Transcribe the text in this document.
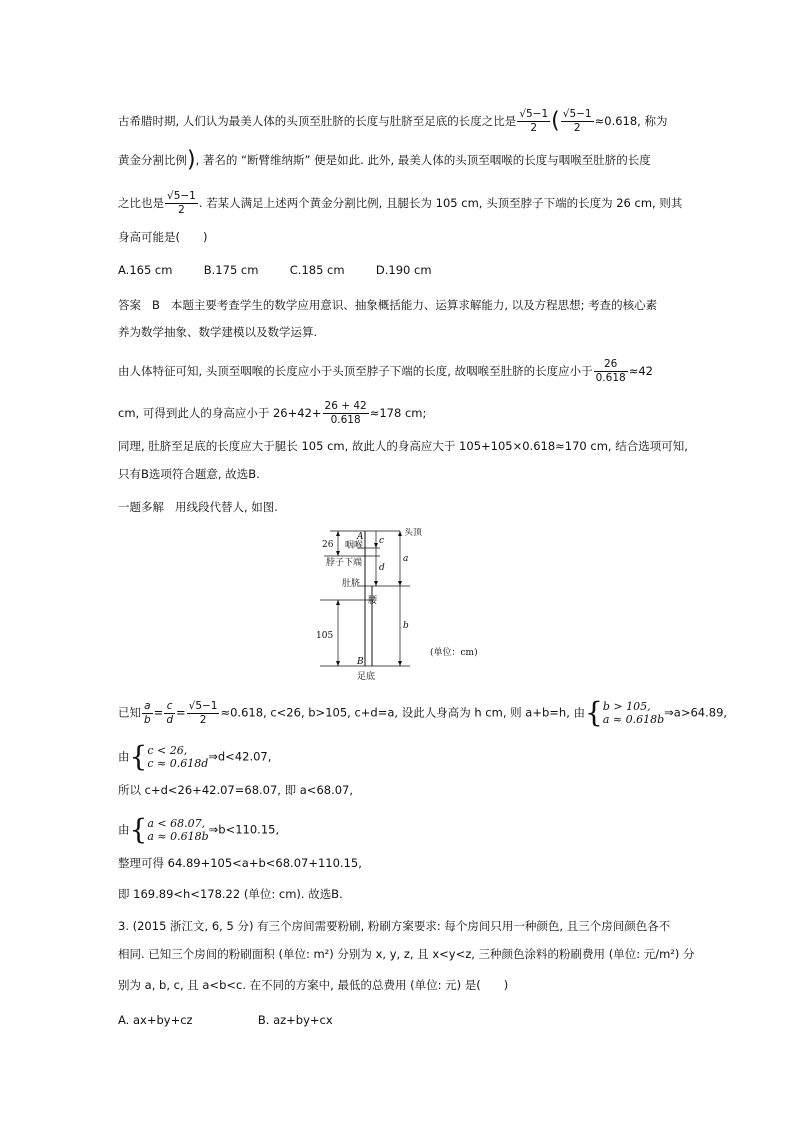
古希腊时期, 人们认为最美人体的头顶至肚脐的长度与肚脐至足底的长度之比是 $\frac{√5-1}{2}$ ( $\frac{√5-1}{2} \approx 0.618$, 称为
黄金分割比例), 著名的 “断臂维纳斯” 便是如此. 此外, 最美人体的头顶至咽喉的长度与咽喉至肚脐的长度
之比也是 $\frac{√5-1}{2}$ . 若某人满足上述两个黄金分割比例, 且腿长为 105 cm, 头顶至脖子下端的长度为 26 cm, 则其
身高可能是(　　)
A.165 cm	B.175 cm	C.185 cm	D.190 cm
答案 B 本题主要考查学生的数学应用意识、抽象概括能力、运算求解能力, 以及方程思想; 考查的核心素
养为数学抽象、数学建模以及数学运算.
由人体特征可知, 头顶至咽喉的长度应小于头顶至脖子下端的长度, 故咽喉至肚脐的长度应小于 $\frac{26}{0.618} \approx 42$
cm, 可得到此人的身高应小于 $26+42+ \frac{26 + 42}{0.618} \approx 178$ cm;
同理, 肚脐至足底的长度应大于腿长 105 cm, 故此人的身高应大于 105+105×0.618≈170 cm, 结合选项可知,
只有B选项符合题意, 故选B.
一题多解 用线段代替人, 如图.
头顶
咽喉
脖子下端
肚脐
腰
足底
(单位：cm)
26
105
A
B
a
b
c
d
已知 $\frac{a}{b} = \frac{c}{d} = \frac{√5-1}{2} \approx 0.618$, c<26, b>105, c+d=a, 设此人身高为 h cm, 则 a+b=h, 由{b > 105,
a ≈ 0.618b⇒a>64.89,
由{c < 26,
c ≈ 0.618d⇒d<42.07,
所以 c+d<26+42.07=68.07, 即 a<68.07,
由{a < 68.07,
a ≈ 0.618b⇒b<110.15,
整理可得 64.89+105<a+b<68.07+110.15,
即 169.89<h<178.22 (单位: cm). 故选B.
3. (2015 浙江文, 6, 5 分) 有三个房间需要粉刷, 粉刷方案要求: 每个房间只用一种颜色, 且三个房间颜色各不
相同. 已知三个房间的粉刷面积 (单位: m²) 分别为 x, y, z, 且 x<y<z, 三种颜色涂料的粉刷费用 (单位: 元/m²) 分
别为 a, b, c, 且 a<b<c. 在不同的方案中, 最低的总费用 (单位: 元) 是(　　)
A. ax+by+cz	B. az+by+cx
